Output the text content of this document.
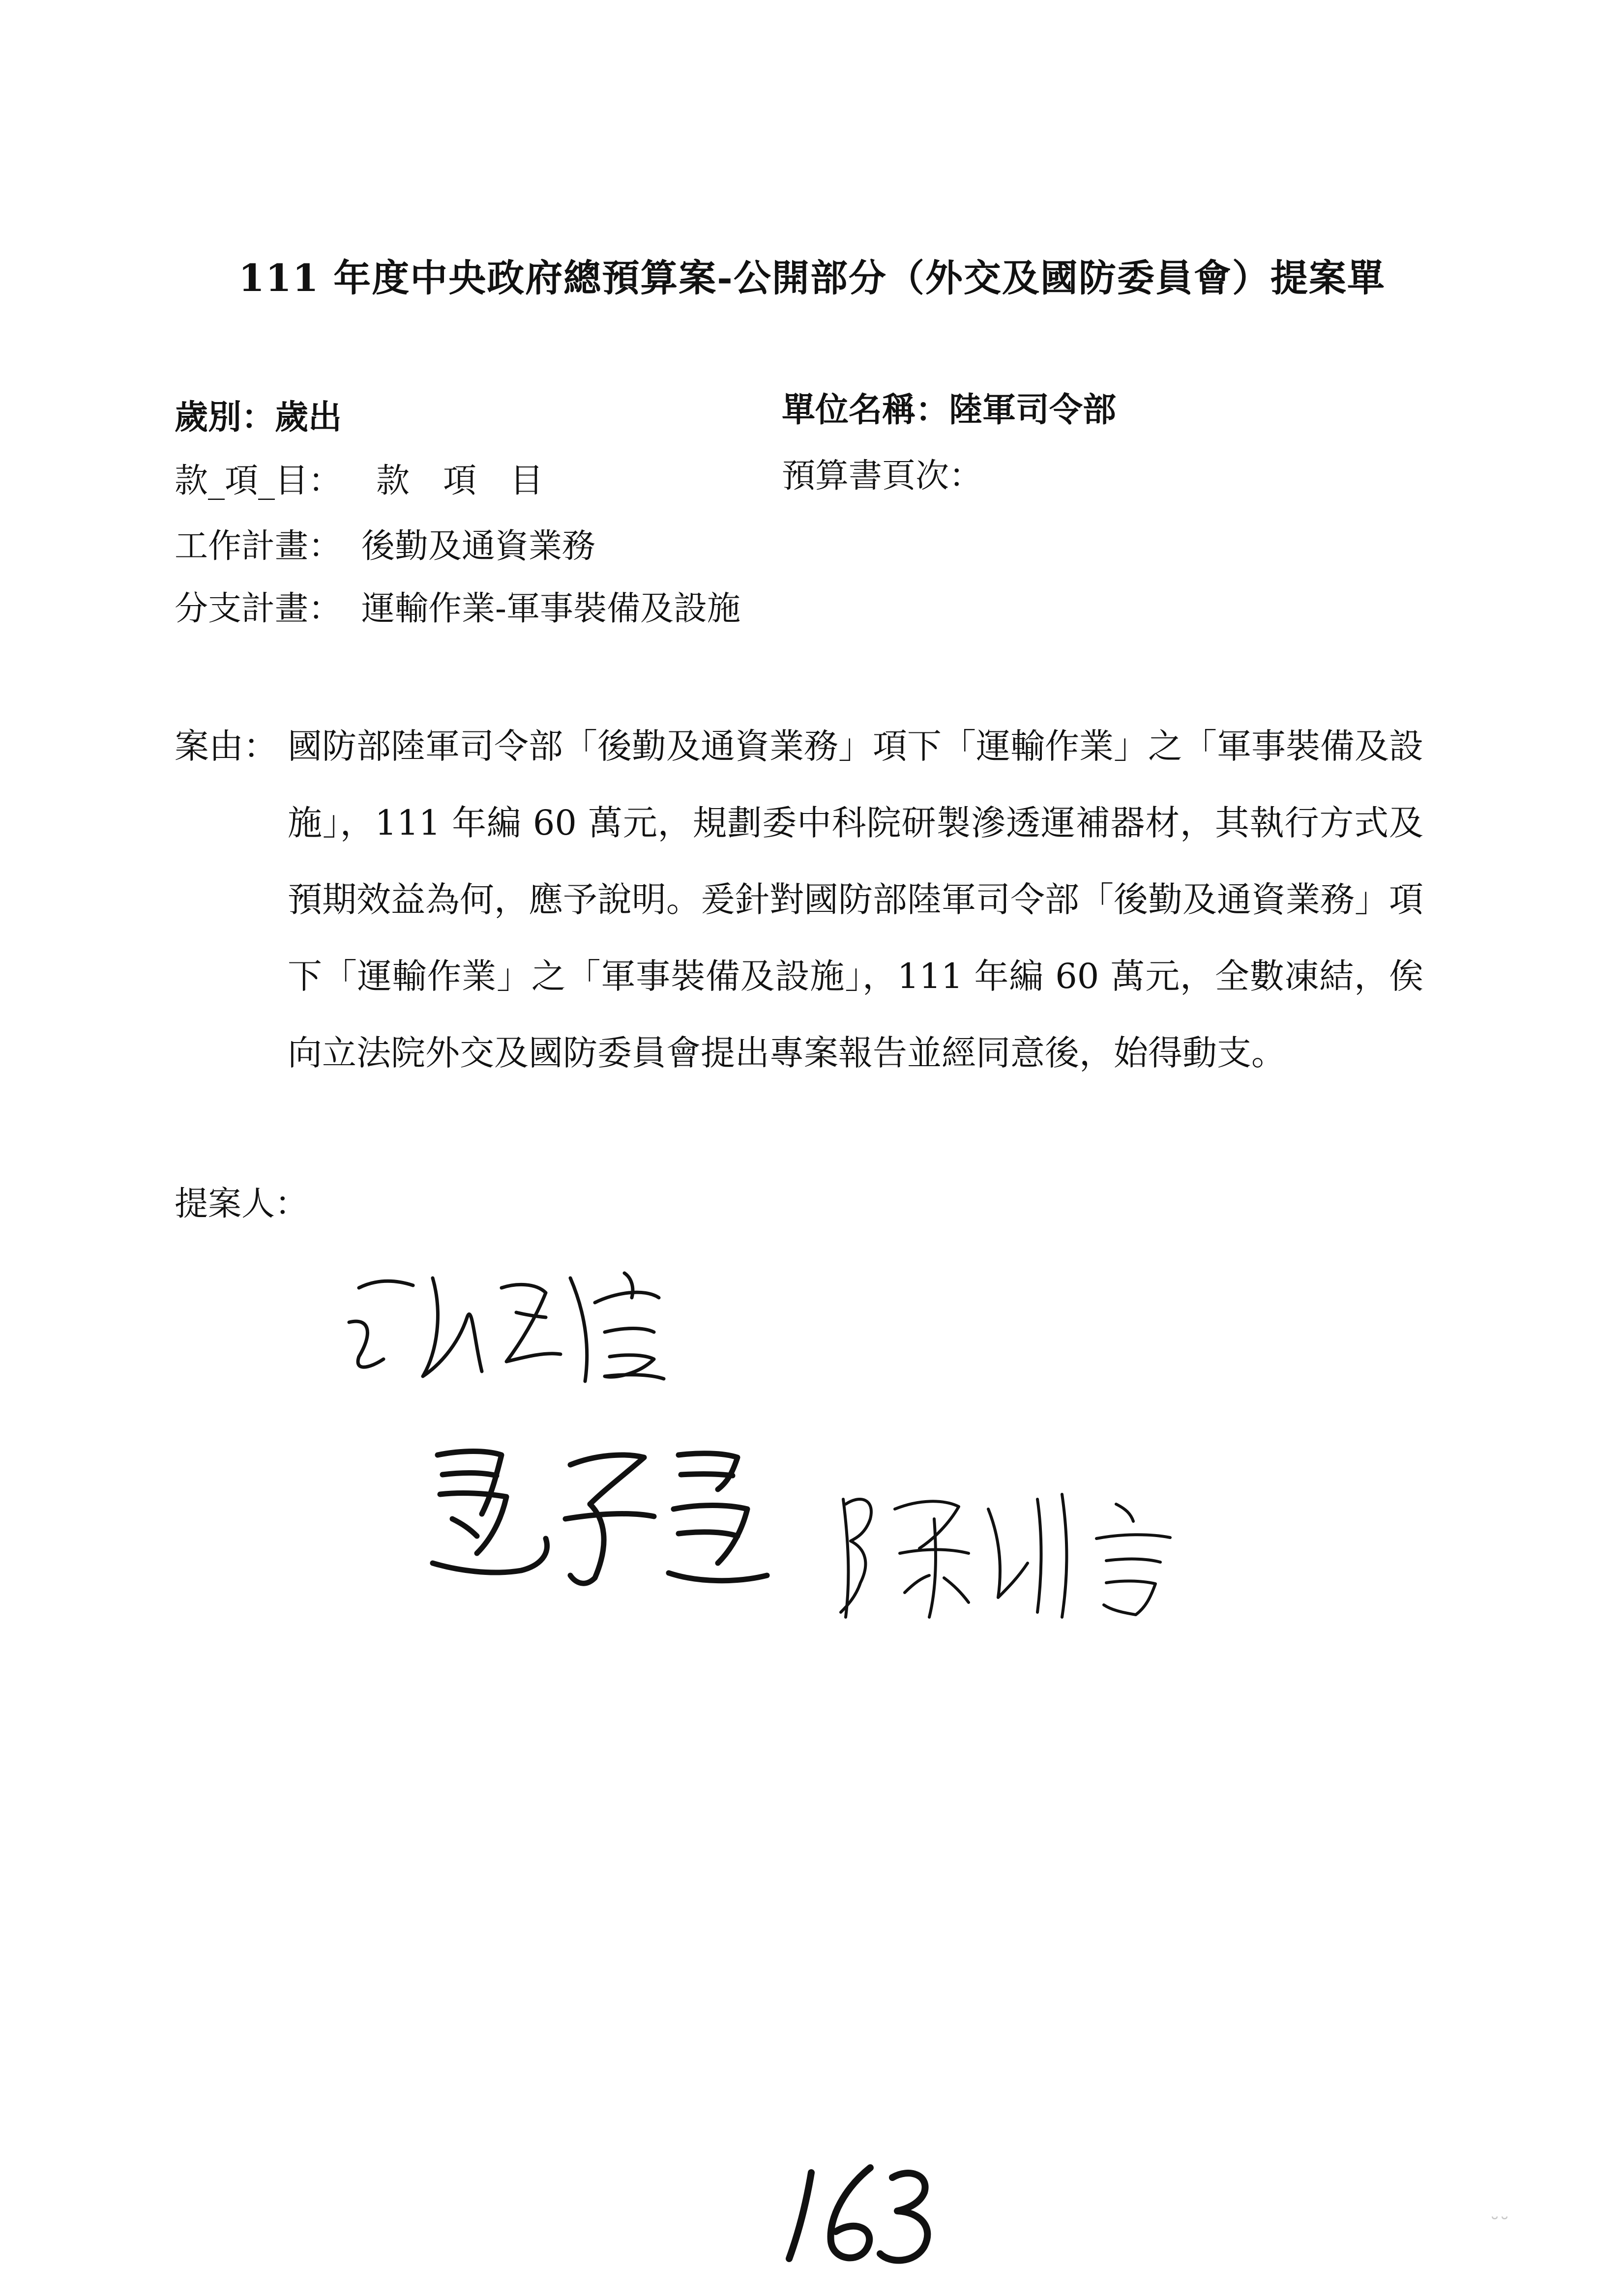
111 年度中央政府總預算案-公開部分（外交及國防委員會）提案單
歲別：歲出	單位名稱：陸軍司令部
款_項_目： 款　項　目	預算書頁次：
工作計畫： 後勤及通資業務
分支計畫： 運輸作業-軍事裝備及設施
案由： 國防部陸軍司令部「後勤及通資業務」項下「運輸作業」之「軍事裝備及設施」，111 年編 60 萬元，規劃委中科院研製滲透運補器材，其執行方式及預期效益為何，應予說明。爰針對國防部陸軍司令部「後勤及通資業務」項下「運輸作業」之「軍事裝備及設施」，111 年編 60 萬元，全數凍結，俟向立法院外交及國防委員會提出專案報告並經同意後，始得動支。
提案人：
163
˘˘
